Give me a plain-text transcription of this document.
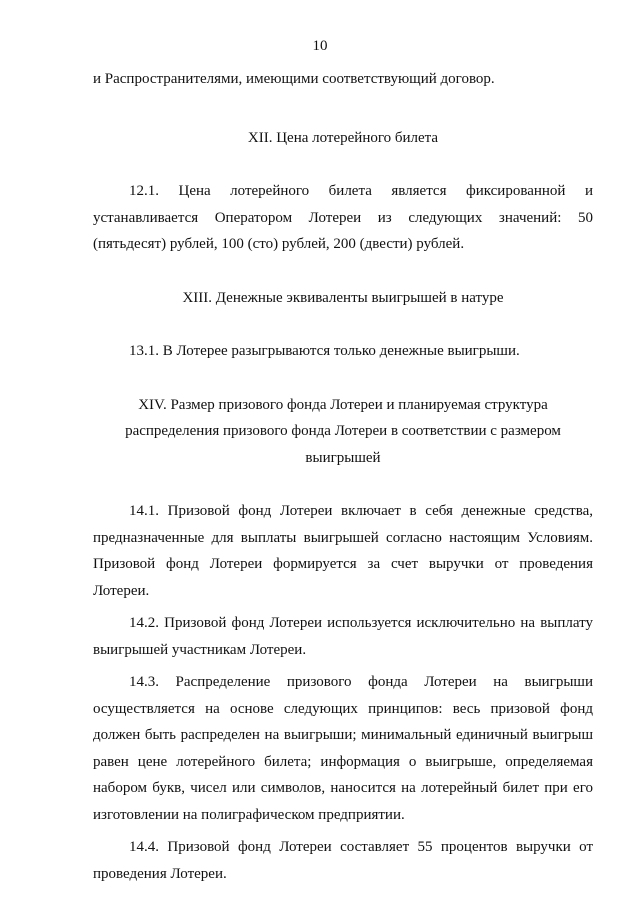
10

и Распространителями, имеющими соответствующий договор.

XII. Цена лотерейного билета

12.1. Цена лотерейного билета является фиксированной и
устанавливается Оператором Лотереи из следующих значений: 50
(пятьдесят) рублей, 100 (сто) рублей, 200 (двести) рублей.

XIII. Денежные эквиваленты выигрышей в натуре

13.1. В Лотерее разыгрываются только денежные выигрыши.

XIV. Размер призового фонда Лотереи и планируемая структура

распределения призового фонда Лотереи в соответствии с размером

выигрышей

14.1. Призовой фонд Лотереи включает в себя денежные средства,
предназначенные для выплаты выигрышей согласно настоящим Условиям.
Призовой фонд Лотереи формируется за счет выручки от проведения
Лотереи.
14.2. Призовой фонд Лотереи используется исключительно на выплату
выигрышей участникам Лотереи.
14.3. Распределение призового фонда Лотереи на выигрыши
осуществляется на основе следующих принципов: весь призовой фонд
должен быть распределен на выигрыши; минимальный единичный выигрыш
равен цене лотерейного билета; информация о выигрыше, определяемая
набором букв, чисел или символов, наносится на лотерейный билет при его
изготовлении на полиграфическом предприятии.
14.4. Призовой фонд Лотереи составляет 55 процентов выручки от
проведения Лотереи.
